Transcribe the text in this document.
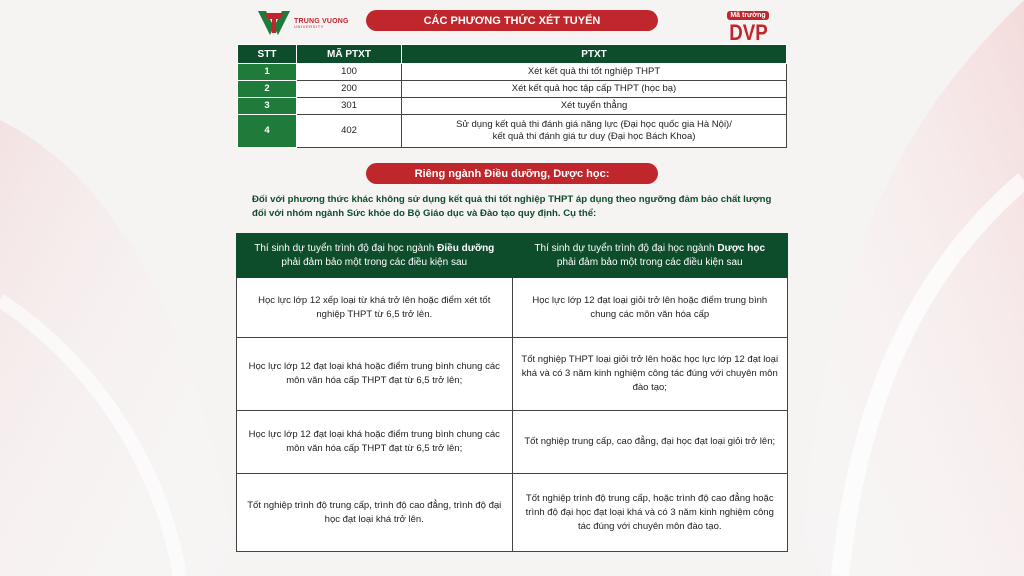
TRUNG VUONG
UNIVERSITY	CÁC PHƯƠNG THỨC XÉT TUYỂN	Mã trường
DVP
STT	MÃ PTXT	PTXT
1	100	Xét kết quả thi tốt nghiệp THPT
2	200	Xét kết quả học tập cấp THPT (học bạ)
3	301	Xét tuyển thẳng
4	402	Sử dụng kết quả thi đánh giá năng lực (Đại học quốc gia Hà Nội)/
kết quả thi đánh giá tư duy (Đại học Bách Khoa)
Riêng ngành Điều dưỡng, Dược học:
Đối với phương thức khác không sử dụng kết quả thi tốt nghiệp THPT áp dụng theo ngưỡng đảm bảo chất lượng đối với nhóm ngành Sức khỏe do Bộ Giáo dục và Đào tạo quy định. Cụ thể:
Thí sinh dự tuyển trình độ đại học ngành Điều dưỡng
phải đảm bảo một trong các điều kiện sau	Thí sinh dự tuyển trình độ đại học ngành Dược học
phải đảm bảo một trong các điều kiện sau
Học lực lớp 12 xếp loại từ khá trở lên hoặc điểm xét tốt nghiệp THPT từ 6,5 trở lên.	Học lực lớp 12 đạt loại giỏi trở lên hoặc điểm trung bình chung các môn văn hóa cấp
Học lực lớp 12 đạt loại khá hoặc điểm trung bình chung các môn văn hóa cấp THPT đạt từ 6,5 trở lên;	Tốt nghiệp THPT loại giỏi trở lên hoặc học lực lớp 12 đạt loại khá và có 3 năm kinh nghiệm công tác đúng với chuyên môn đào tạo;
Học lực lớp 12 đạt loại khá hoặc điểm trung bình chung các môn văn hóa cấp THPT đạt từ 6,5 trở lên;	Tốt nghiệp trung cấp, cao đẳng, đại học đạt loại giỏi trở lên;
Tốt nghiệp trình độ trung cấp, trình độ cao đẳng, trình độ đại học đạt loại khá trở lên.	Tốt nghiệp trình độ trung cấp, hoặc trình độ cao đẳng hoặc trình độ đại học đạt loại khá và có 3 năm kinh nghiệm công tác đúng với chuyên môn đào tạo.
